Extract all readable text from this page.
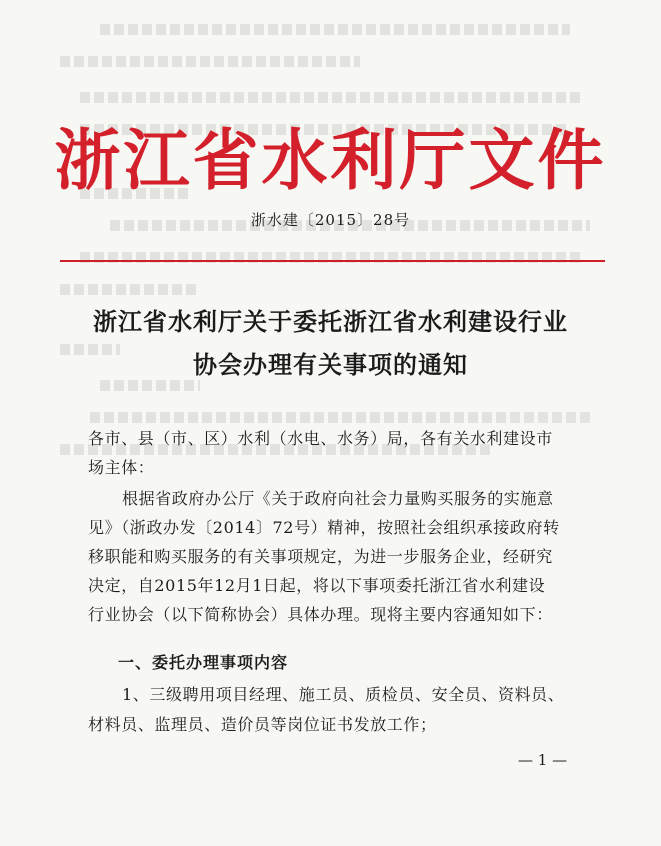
浙江省水利厅文件
浙水建〔2015〕28号
浙江省水利厅关于委托浙江省水利建设行业
协会办理有关事项的通知
各市、县（市、区）水利（水电、水务）局，各有关水利建设市
场主体：
根据省政府办公厅《关于政府向社会力量购买服务的实施意
见》（浙政办发〔2014〕72号）精神，按照社会组织承接政府转
移职能和购买服务的有关事项规定，为进一步服务企业，经研究
决定，自2015年12月1日起，将以下事项委托浙江省水利建设
行业协会（以下简称协会）具体办理。现将主要内容通知如下：
一、委托办理事项内容
1、三级聘用项目经理、施工员、质检员、安全员、资料员、
材料员、监理员、造价员等岗位证书发放工作；
— 1 —
